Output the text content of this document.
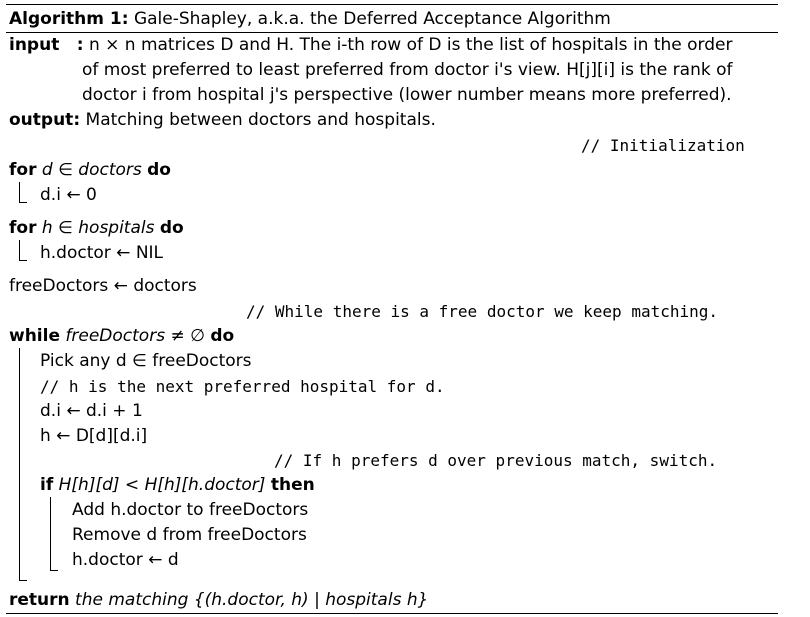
Algorithm 1: Gale-Shapley, a.k.a. the Deferred Acceptance Algorithm
input : n × n matrices D and H. The i-th row of D is the list of hospitals in the order
of most preferred to least preferred from doctor i's view. H[j][i] is the rank of
doctor i from hospital j's perspective (lower number means more preferred).
output: Matching between doctors and hospitals.
// Initialization
for d ∈ doctors do
d.i ← 0
for h ∈ hospitals do
h.doctor ← NIL
freeDoctors ← doctors
// While there is a free doctor we keep matching.
while freeDoctors ≠ ∅ do
Pick any d ∈ freeDoctors
// h is the next preferred hospital for d.
d.i ← d.i + 1
h ← D[d][d.i]
// If h prefers d over previous match, switch.
if H[h][d] < H[h][h.doctor] then
Add h.doctor to freeDoctors
Remove d from freeDoctors
h.doctor ← d
return the matching {(h.doctor, h) | hospitals h}
